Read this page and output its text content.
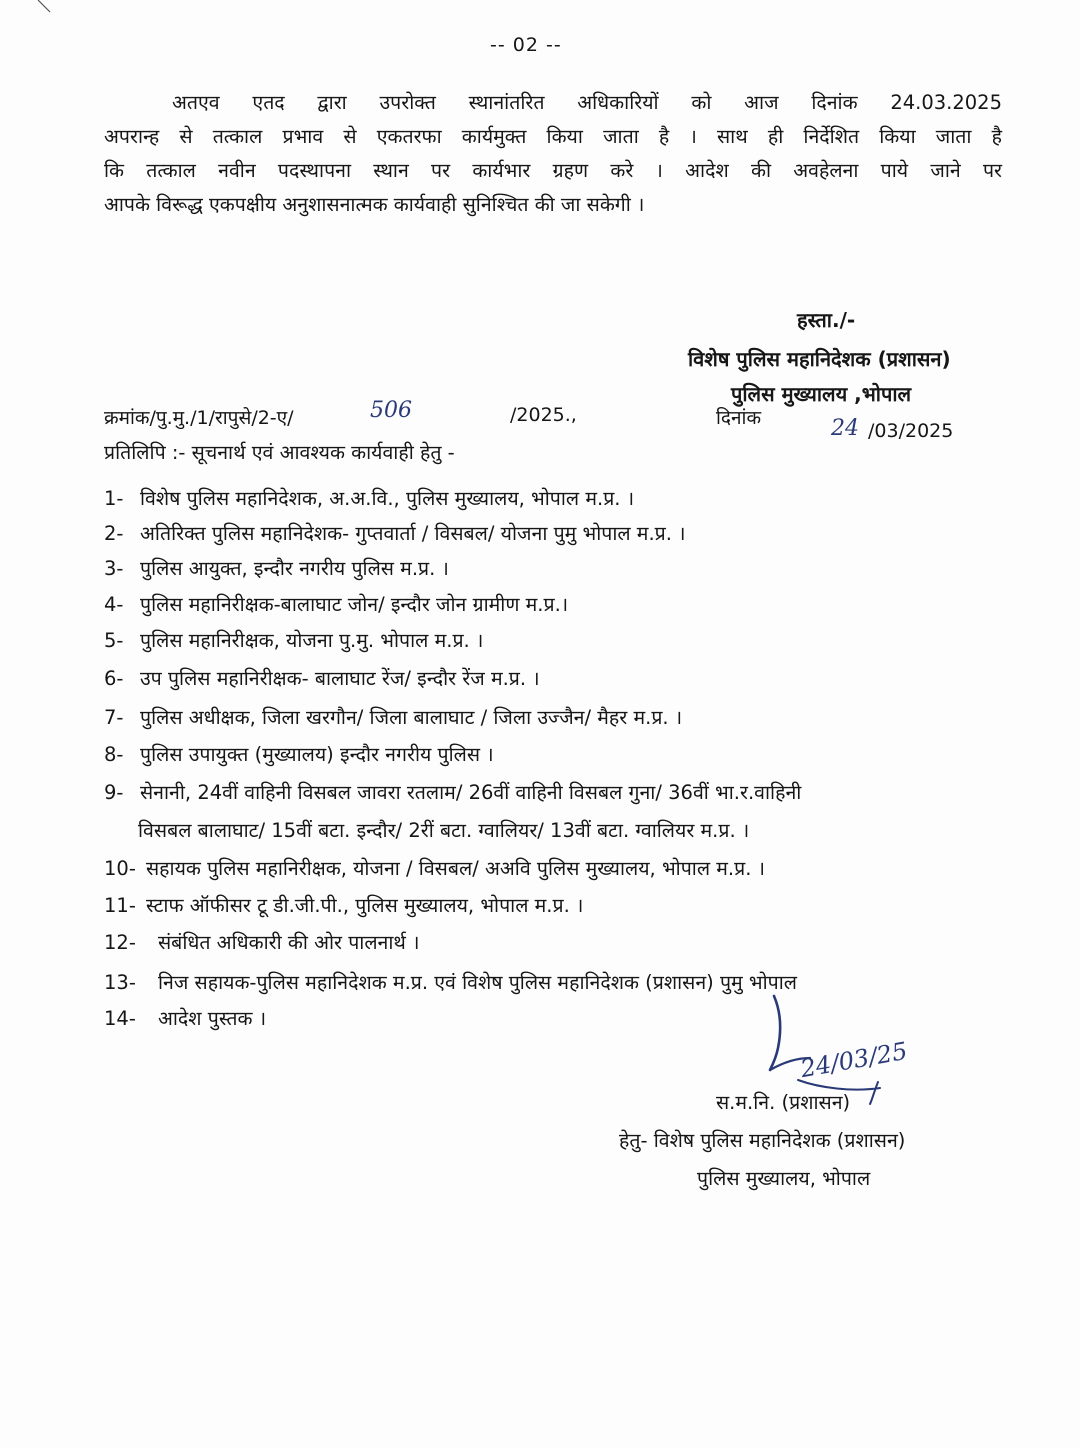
-- 02 --
अतएव एतद द्वारा उपरोक्त स्थानांतरित अधिकारियों को आज दिनांक 24.03.2025
अपरान्ह से तत्काल प्रभाव से एकतरफा कार्यमुक्त किया जाता है । साथ ही निर्देशित किया जाता है
कि तत्काल नवीन पदस्थापना स्थान पर कार्यभार ग्रहण करे । आदेश की अवहेलना पाये जाने पर
आपके विरूद्ध एकपक्षीय अनुशासनात्मक कार्यवाही सुनिश्चित की जा सकेगी ।
हस्ता./-
विशेष पुलिस महानिदेशक (प्रशासन)
पुलिस मुख्यालय ,भोपाल
क्रमांक/पु.मु./1/रापुसे/2-ए/	506	/2025.,	दिनांक	24 /03/2025
प्रतिलिपि :- सूचनार्थ एवं आवश्यक कार्यवाही हेतु -
1- विशेष पुलिस महानिदेशक, अ.अ.वि., पुलिस मुख्यालय, भोपाल म.प्र. ।
2- अतिरिक्त पुलिस महानिदेशक- गुप्तवार्ता / विसबल/ योजना पुमु भोपाल म.प्र. ।
3- पुलिस आयुक्त, इन्दौर नगरीय पुलिस म.प्र. ।
4- पुलिस महानिरीक्षक-बालाघाट जोन/ इन्दौर जोन ग्रामीण म.प्र.।
5- पुलिस महानिरीक्षक, योजना पु.मु. भोपाल म.प्र. ।
6- उप पुलिस महानिरीक्षक- बालाघाट रेंज/ इन्दौर रेंज म.प्र. ।
7- पुलिस अधीक्षक, जिला खरगौन/ जिला बालाघाट / जिला उज्जैन/ मैहर म.प्र. ।
8- पुलिस उपायुक्त (मुख्यालय) इन्दौर नगरीय पुलिस ।
9- सेनानी, 24वीं वाहिनी विसबल जावरा रतलाम/ 26वीं वाहिनी विसबल गुना/ 36वीं भा.र.वाहिनी
विसबल बालाघाट/ 15वीं बटा. इन्दौर/ 2रीं बटा. ग्वालियर/ 13वीं बटा. ग्वालियर म.प्र. ।
10- सहायक पुलिस महानिरीक्षक, योजना / विसबल/ अअवि पुलिस मुख्यालय, भोपाल म.प्र. ।
11- स्टाफ ऑफीसर टू डी.जी.पी., पुलिस मुख्यालय, भोपाल म.प्र. ।
12- संबंधित अधिकारी की ओर पालनार्थ ।
13- निज सहायक-पुलिस महानिदेशक म.प्र. एवं विशेष पुलिस महानिदेशक (प्रशासन) पुमु भोपाल
14- आदेश पुस्तक ।
24/03/25
स.म.नि. (प्रशासन)
हेतु- विशेष पुलिस महानिदेशक (प्रशासन)
पुलिस मुख्यालय, भोपाल
